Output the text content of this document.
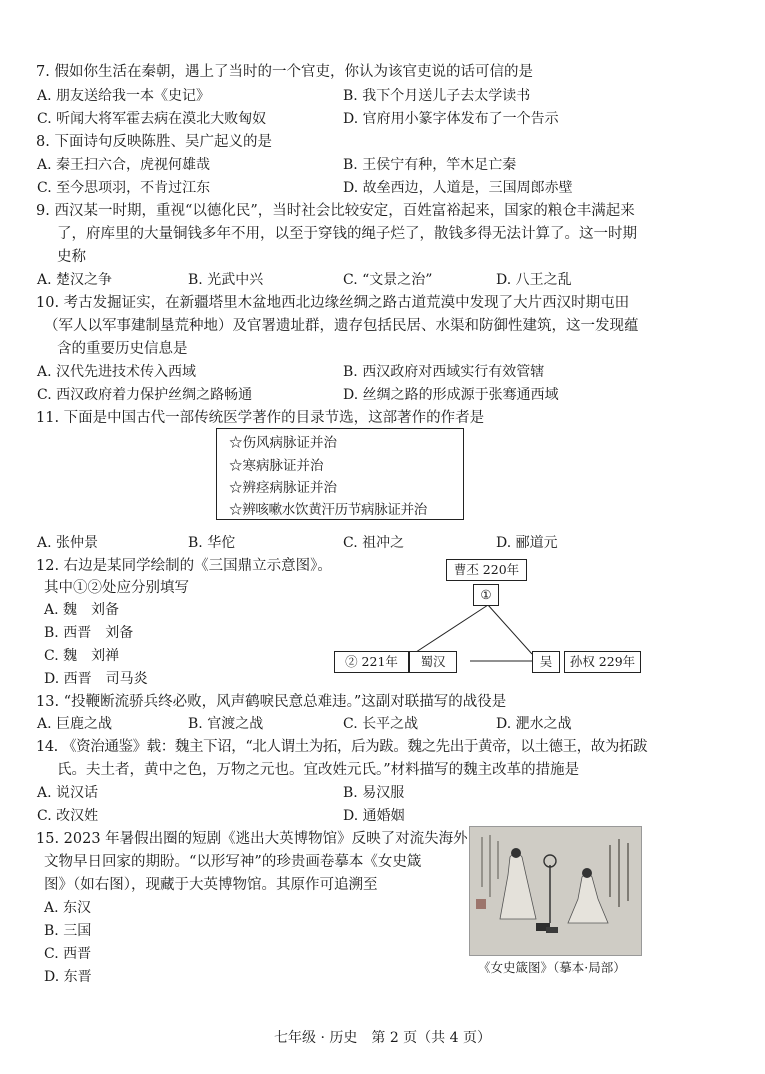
7. 假如你生活在秦朝，遇上了当时的一个官吏，你认为该官吏说的话可信的是
A. 朋友送给我一本《史记》	B. 我下个月送儿子去太学读书
C. 听闻大将军霍去病在漠北大败匈奴	D. 官府用小篆字体发布了一个告示
8. 下面诗句反映陈胜、吴广起义的是
A. 秦王扫六合，虎视何雄哉	B. 王侯宁有种，竿木足亡秦
C. 至今思项羽，不肯过江东	D. 故垒西边，人道是，三国周郎赤壁
9. 西汉某一时期，重视“以德化民”，当时社会比较安定，百姓富裕起来，国家的粮仓丰满起来
了，府库里的大量铜钱多年不用，以至于穿钱的绳子烂了，散钱多得无法计算了。这一时期
史称
A. 楚汉之争	B. 光武中兴	C. “文景之治”	D. 八王之乱
10. 考古发掘证实，在新疆塔里木盆地西北边缘丝绸之路古道荒漠中发现了大片西汉时期屯田
（军人以军事建制垦荒种地）及官署遗址群，遗存包括民居、水渠和防御性建筑，这一发现蕴
含的重要历史信息是
A. 汉代先进技术传入西域	B. 西汉政府对西域实行有效管辖
C. 西汉政府着力保护丝绸之路畅通	D. 丝绸之路的形成源于张骞通西域
11. 下面是中国古代一部传统医学著作的目录节选，这部著作的作者是
☆伤风病脉证并治
☆寒病脉证并治
☆辨痉病脉证并治
☆辨咳嗽水饮黄汗历节病脉证并治
A. 张仲景	B. 华佗	C. 祖冲之	D. 郦道元
12. 右边是某同学绘制的《三国鼎立示意图》。
其中①②处应分别填写
A. 魏　刘备
B. 西晋　刘备
C. 魏　刘禅
D. 西晋　司马炎
曹丕 220年
①
② 221年	蜀汉	吴	孙权 229年
13. “投鞭断流骄兵终必败，风声鹤唳民意总难违。”这副对联描写的战役是
A. 巨鹿之战	B. 官渡之战	C. 长平之战	D. 淝水之战
14. 《资治通鉴》载：魏主下诏，“北人谓土为拓，后为跋。魏之先出于黄帝，以土德王，故为拓跋
氏。夫土者，黄中之色，万物之元也。宜改姓元氏。”材料描写的魏主改革的措施是
A. 说汉话	B. 易汉服
C. 改汉姓	D. 通婚姻
15. 2023 年暑假出圈的短剧《逃出大英博物馆》反映了对流失海外
文物早日回家的期盼。“以形写神”的珍贵画卷摹本《女史箴
图》（如右图），现藏于大英博物馆。其原作可追溯至
A. 东汉
B. 三国
C. 西晋
D. 东晋
《女史箴图》（摹本·局部）
七年级 · 历史　第 2 页（共 4 页）
